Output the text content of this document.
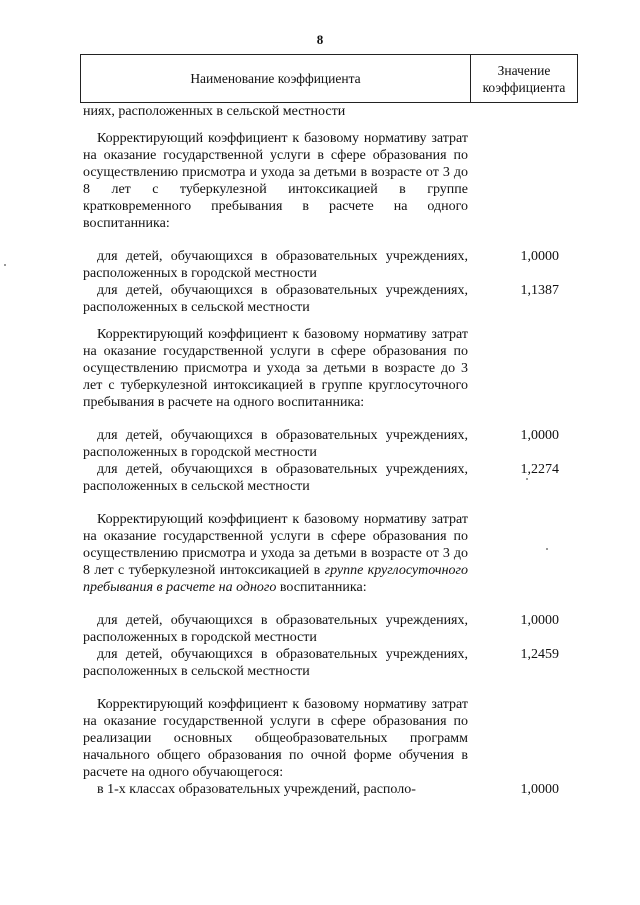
8
Наименование коэффициента
Значение
коэффициента
ниях, расположенных в сельской местности
Корректирующий коэффициент к базовому нормативу затрат на оказание государственной услуги в сфере образования по осуществлению присмотра и ухода за детьми в возрасте от 3 до 8 лет с туберкулезной интоксикацией в группе кратковременного пребывания в расчете на одного воспитанника:
для детей, обучающихся в образовательных учреждениях, расположенных в городской местности
1,0000
для детей, обучающихся в образовательных учреждениях, расположенных в сельской местности
1,1387
Корректирующий коэффициент к базовому нормативу затрат на оказание государственной услуги в сфере образования по осуществлению присмотра и ухода за детьми в возрасте до 3 лет с туберкулезной интоксикацией в группе круглосуточного пребывания в расчете на одного воспитанника:
для детей, обучающихся в образовательных учреждениях, расположенных в городской местности
1,0000
для детей, обучающихся в образовательных учреждениях, расположенных в сельской местности
1,2274
Корректирующий коэффициент к базовому нормативу затрат на оказание государственной услуги в сфере образования по осуществлению присмотра и ухода за детьми в возрасте от 3 до 8 лет с туберкулезной интоксикацией в группе круглосуточного пребывания в расчете на одного воспитанника:
для детей, обучающихся в образовательных учреждениях, расположенных в городской местности
1,0000
для детей, обучающихся в образовательных учреждениях, расположенных в сельской местности
1,2459
Корректирующий коэффициент к базовому нормативу затрат на оказание государственной услуги в сфере образования по реализации основных общеобразовательных программ начального общего образования по очной форме обучения в расчете на одного обучающегося:
в 1-х классах образовательных учреждений, располо-	1,0000
